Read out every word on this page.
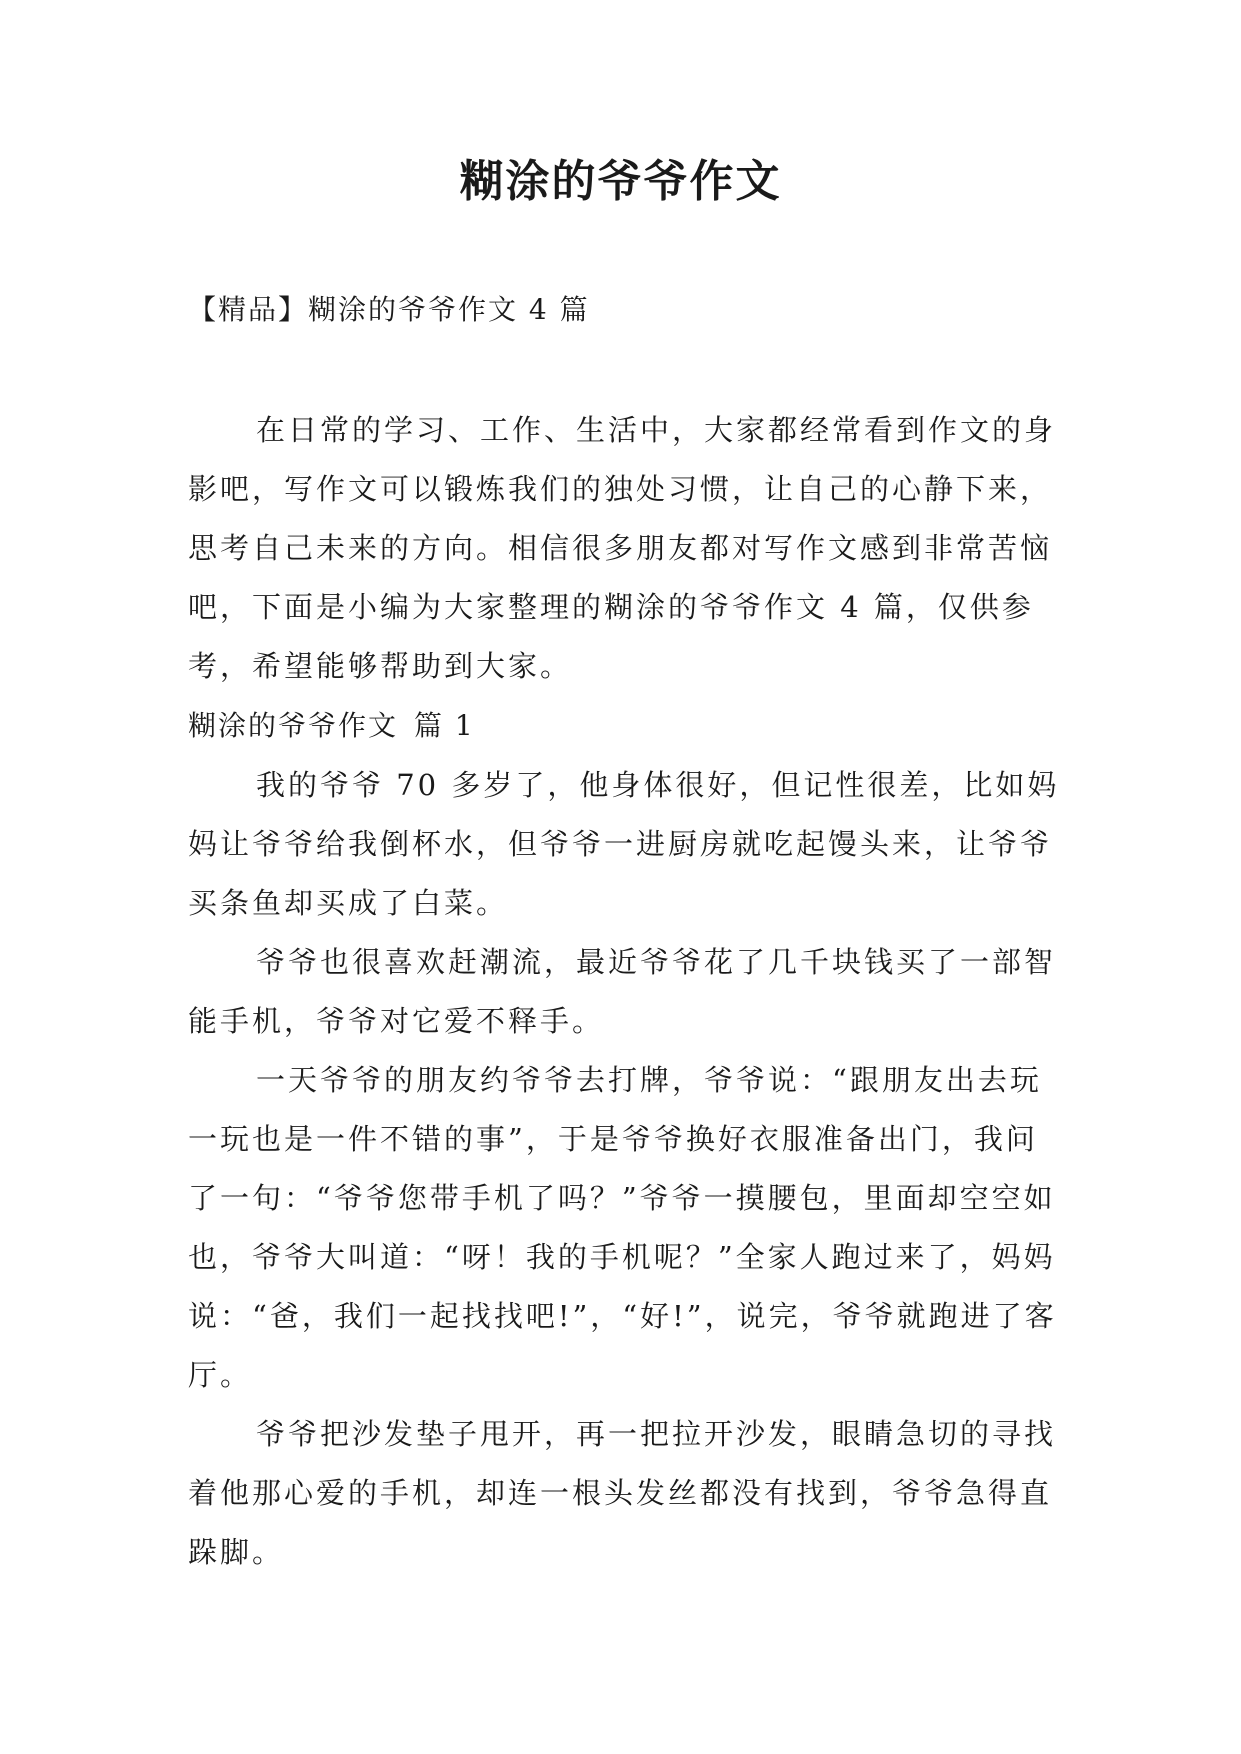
糊涂的爷爷作文
【精品】糊涂的爷爷作文 4 篇

在日常的学习、工作、生活中，大家都经常看到作文的身影吧，写作文可以锻炼我们的独处习惯，让自己的心静下来，思考自己未来的方向。相信很多朋友都对写作文感到非常苦恼吧，下面是小编为大家整理的糊涂的爷爷作文 4 篇，仅供参考，希望能够帮助到大家。

糊涂的爷爷作文 篇 1

我的爷爷 70 多岁了，他身体很好，但记性很差，比如妈妈让爷爷给我倒杯水，但爷爷一进厨房就吃起馒头来，让爷爷买条鱼却买成了白菜。

爷爷也很喜欢赶潮流，最近爷爷花了几千块钱买了一部智能手机，爷爷对它爱不释手。

一天爷爷的朋友约爷爷去打牌，爷爷说：“跟朋友出去玩一玩也是一件不错的事”，于是爷爷换好衣服准备出门，我问了一句：“爷爷您带手机了吗？”爷爷一摸腰包，里面却空空如也，爷爷大叫道：“呀！我的手机呢？”全家人跑过来了，妈妈说：“爸，我们一起找找吧!”，“好!”，说完，爷爷就跑进了客厅。

爷爷把沙发垫子甩开，再一把拉开沙发，眼睛急切的寻找着他那心爱的手机，却连一根头发丝都没有找到，爷爷急得直跺脚。
